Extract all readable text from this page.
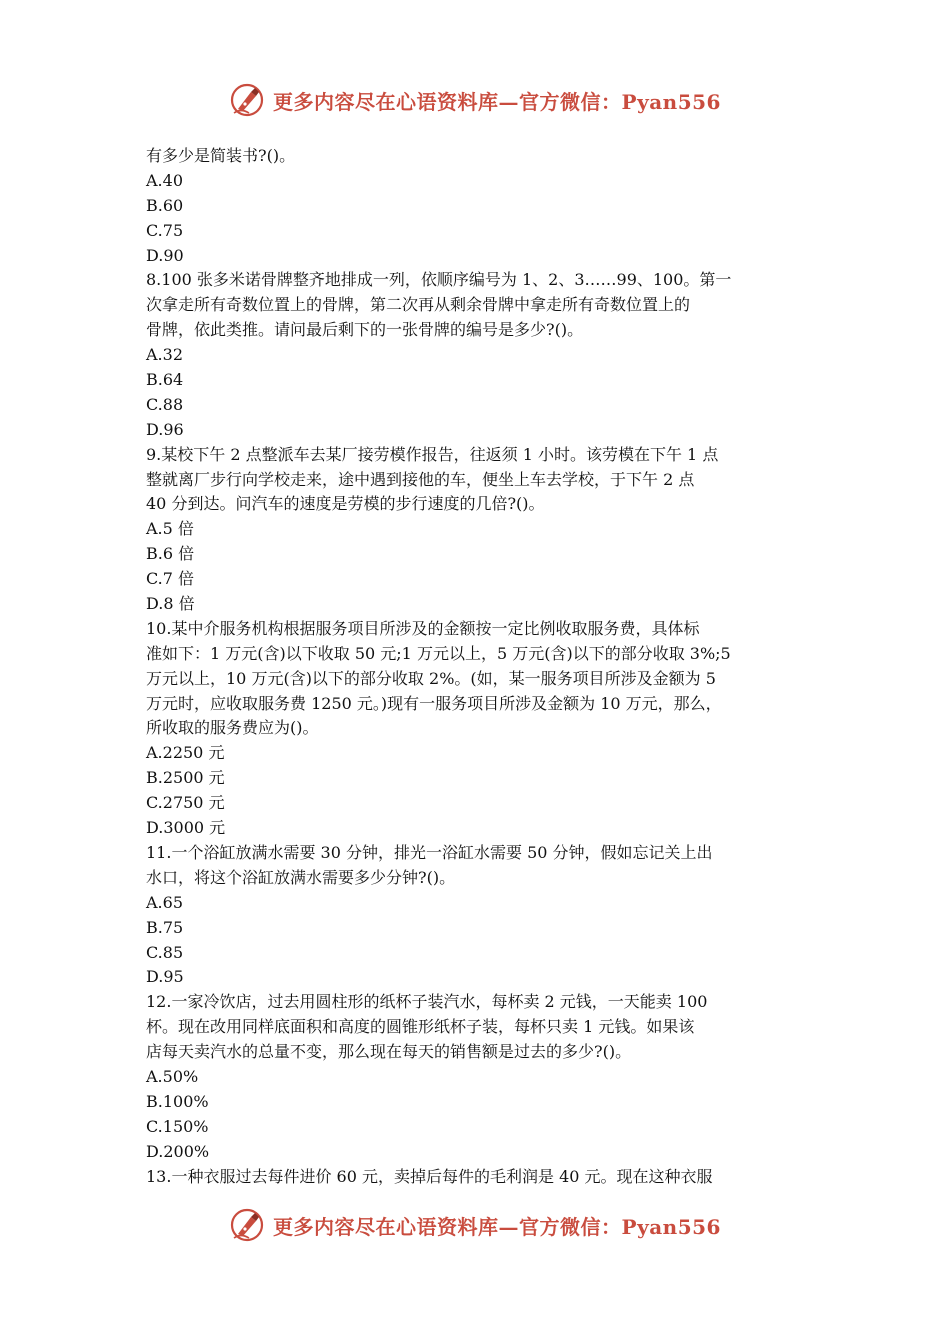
更多内容尽在心语资料库—官方微信：Pyan556
有多少是简装书?()。
A.40
B.60
C.75
D.90
8.100 张多米诺骨牌整齐地排成一列，依顺序编号为 1、2、3……99、100。第一
次拿走所有奇数位置上的骨牌，第二次再从剩余骨牌中拿走所有奇数位置上的
骨牌，依此类推。请问最后剩下的一张骨牌的编号是多少?()。
A.32
B.64
C.88
D.96
9.某校下午 2 点整派车去某厂接劳模作报告，往返须 1 小时。该劳模在下午 1 点
整就离厂步行向学校走来，途中遇到接他的车，便坐上车去学校，于下午 2 点
40 分到达。问汽车的速度是劳模的步行速度的几倍?()。
A.5 倍
B.6 倍
C.7 倍
D.8 倍
10.某中介服务机构根据服务项目所涉及的金额按一定比例收取服务费，具体标
准如下：1 万元(含)以下收取 50 元;1 万元以上，5 万元(含)以下的部分收取 3%;5
万元以上，10 万元(含)以下的部分收取 2%。(如，某一服务项目所涉及金额为 5
万元时，应收取服务费 1250 元。)现有一服务项目所涉及金额为 10 万元，那么，
所收取的服务费应为()。
A.2250 元
B.2500 元
C.2750 元
D.3000 元
11.一个浴缸放满水需要 30 分钟，排光一浴缸水需要 50 分钟，假如忘记关上出
水口，将这个浴缸放满水需要多少分钟?()。
A.65
B.75
C.85
D.95
12.一家冷饮店，过去用圆柱形的纸杯子装汽水，每杯卖 2 元钱，一天能卖 100
杯。现在改用同样底面积和高度的圆锥形纸杯子装，每杯只卖 1 元钱。如果该
店每天卖汽水的总量不变，那么现在每天的销售额是过去的多少?()。
A.50%
B.100%
C.150%
D.200%
13.一种衣服过去每件进价 60 元，卖掉后每件的毛利润是 40 元。现在这种衣服
更多内容尽在心语资料库—官方微信：Pyan556
